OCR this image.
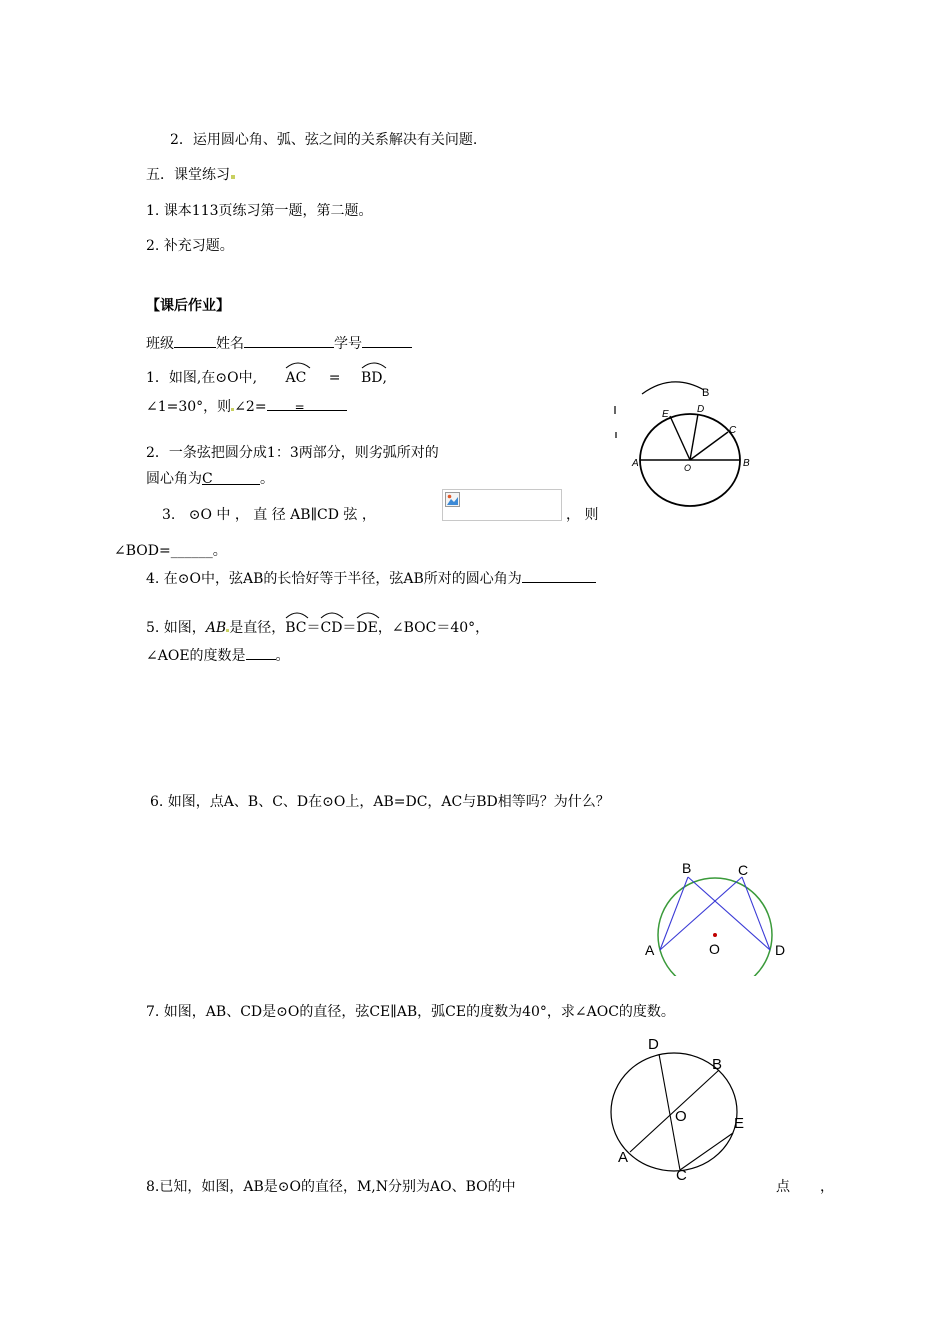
2．运用圆心角、弧、弦之间的关系解决有关问题.
五．课堂练习
1. 课本113页练习第一题，第二题。
2. 补充习题。
【课后作业】
班级	姓名	学号
1．如图,在⊙O中, AC = BD,
∠1=30°，则 ∠2= =
B
A	B
E	D
C
O
2．一条弦把圆分成1：3两部分，则劣弧所对的
圆心角为C	。
3. ⊙O 中 ， 直 径 AB∥CD 弦 ，	， 则
∠BOD=______。
4. 在⊙O中，弦AB的长恰好等于半径，弦AB所对的圆心角为
5. 如图，AB 是直径，
BC＝
CD＝
DE，∠BOC＝40°，
∠AOE的度数是 。
6. 如图，点A、B、C、D在⊙O上，AB=DC，AC与BD相等吗？为什么？
A
B	C
D
O
7. 如图，AB、CD是⊙O的直径，弦CE∥AB，弧CE的度数为40°，求∠AOC的度数。
D
B
O	E
A
C
8.已知，如图，AB是⊙O的直径，M,N分别为AO、BO的中	点 ，
